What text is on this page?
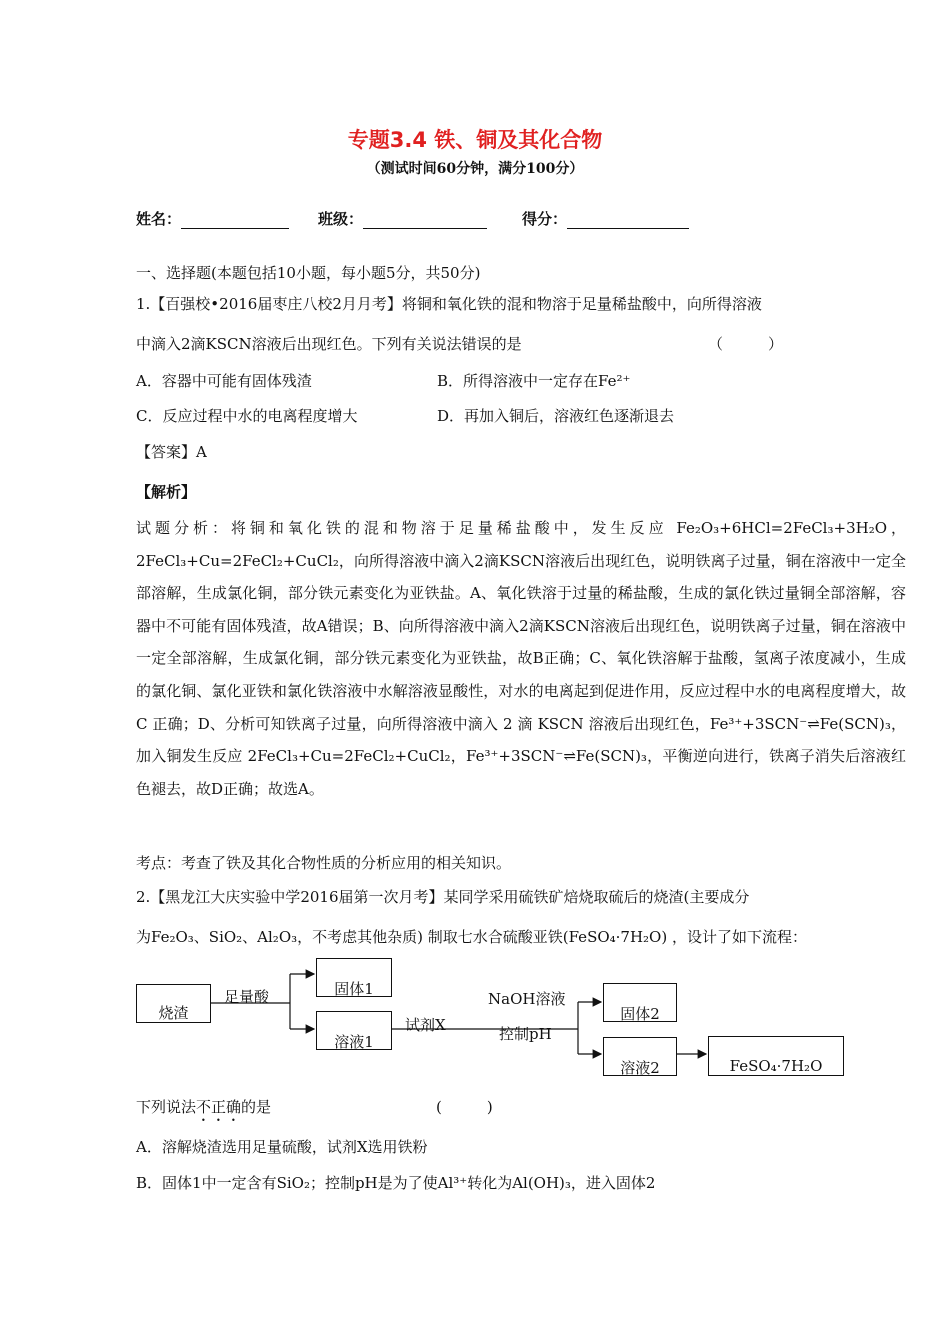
专题3.4 铁、铜及其化合物
（测试时间60分钟，满分100分）
姓名：	班级：	得分：
一、选择题(本题包括10小题，每小题5分，共50分)
1.【百强校•2016届枣庄八校2月月考】将铜和氧化铁的混和物溶于足量稀盐酸中，向所得溶液
中滴入2滴KSCN溶液后出现红色。下列有关说法错误的是	（　　　）
A．容器中可能有固体残渣	B．所得溶液中一定存在Fe²⁺
C．反应过程中水的电离程度增大	D．再加入铜后，溶液红色逐渐退去
【答案】A
【解析】
试题分析：将铜和氧化铁的混和物溶于足量稀盐酸中，发生反应 Fe₂O₃+6HCl=2FeCl₃+3H₂O，2FeCl₃+Cu=2FeCl₂+CuCl₂，向所得溶液中滴入2滴KSCN溶液后出现红色，说明铁离子过量，铜在溶液中一定全部溶解，生成氯化铜，部分铁元素变化为亚铁盐。A、氧化铁溶于过量的稀盐酸，生成的氯化铁过量铜全部溶解，容器中不可能有固体残渣，故A错误；B、向所得溶液中滴入2滴KSCN溶液后出现红色，说明铁离子过量，铜在溶液中一定全部溶解，生成氯化铜，部分铁元素变化为亚铁盐，故B正确；C、氧化铁溶解于盐酸，氢离子浓度减小，生成的氯化铜、氯化亚铁和氯化铁溶液中水解溶液显酸性，对水的电离起到促进作用，反应过程中水的电离程度增大，故 C 正确；D、分析可知铁离子过量，向所得溶液中滴入 2 滴 KSCN 溶液后出现红色，Fe³⁺+3SCN⁻⇌Fe(SCN)₃，加入铜发生反应 2FeCl₃+Cu=2FeCl₂+CuCl₂，Fe³⁺+3SCN⁻⇌Fe(SCN)₃，平衡逆向进行，铁离子消失后溶液红色褪去，故D正确；故选A。
考点：考查了铁及其化合物性质的分析应用的相关知识。
2.【黑龙江大庆实验中学2016届第一次月考】某同学采用硫铁矿焙烧取硫后的烧渣(主要成分
为Fe₂O₃、SiO₂、Al₂O₃，不考虑其他杂质) 制取七水合硫酸亚铁(FeSO₄·7H₂O) ，设计了如下流程：
烧渣
足量酸	固体1
溶液1
试剂X
NaOH溶液
控制pH
固体2
溶液2	FeSO₄·7H₂O
下列说法不正确的是	(　　　)
A．溶解烧渣选用足量硫酸，试剂X选用铁粉
B．固体1中一定含有SiO₂；控制pH是为了使Al³⁺转化为Al(OH)₃，进入固体2
